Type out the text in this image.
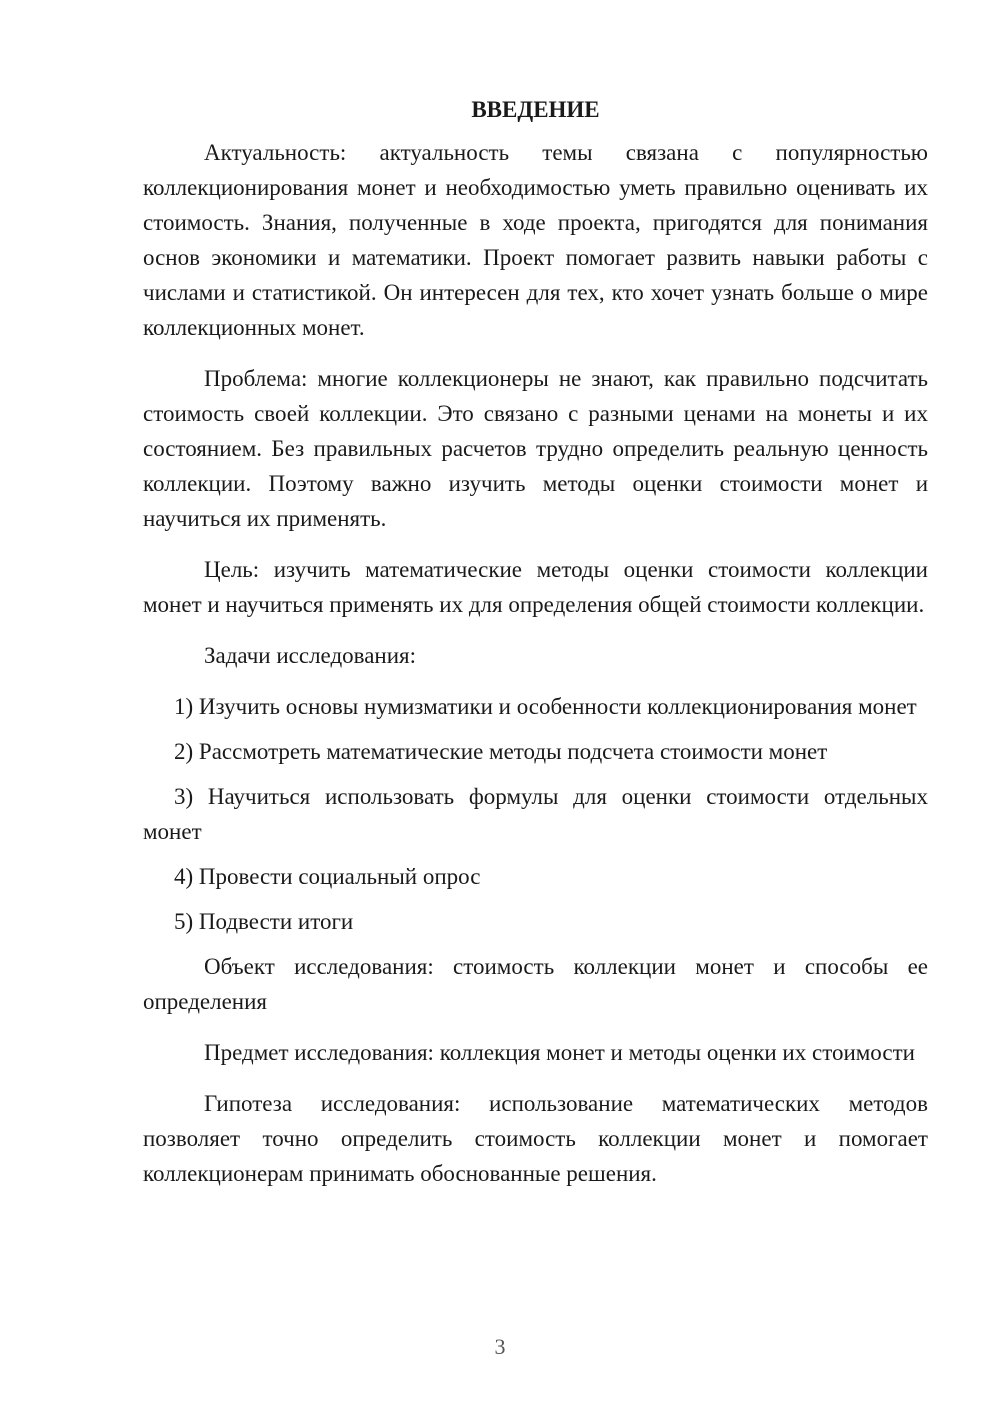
ВВЕДЕНИЕ

Актуальность: актуальность темы связана с популярностью коллекционирования монет и необходимостью уметь правильно оценивать их стоимость. Знания, полученные в ходе проекта, пригодятся для понимания основ экономики и математики. Проект помогает развить навыки работы с числами и статистикой. Он интересен для тех, кто хочет узнать больше о мире коллекционных монет.

Проблема: многие коллекционеры не знают, как правильно подсчитать стоимость своей коллекции. Это связано с разными ценами на монеты и их состоянием. Без правильных расчетов трудно определить реальную ценность коллекции. Поэтому важно изучить методы оценки стоимости монет и научиться их применять.

Цель: изучить математические методы оценки стоимости коллекции монет и научиться применять их для определения общей стоимости коллекции.

Задачи исследования:

1) Изучить основы нумизматики и особенности коллекционирования монет
2) Рассмотреть математические методы подсчета стоимости монет
3) Научиться использовать формулы для оценки стоимости отдельных монет
4) Провести социальный опрос
5) Подвести итоги

Объект исследования: стоимость коллекции монет и способы ее определения

Предмет исследования: коллекция монет и методы оценки их стоимости

Гипотеза исследования: использование математических методов позволяет точно определить стоимость коллекции монет и помогает коллекционерам принимать обоснованные решения.

3
